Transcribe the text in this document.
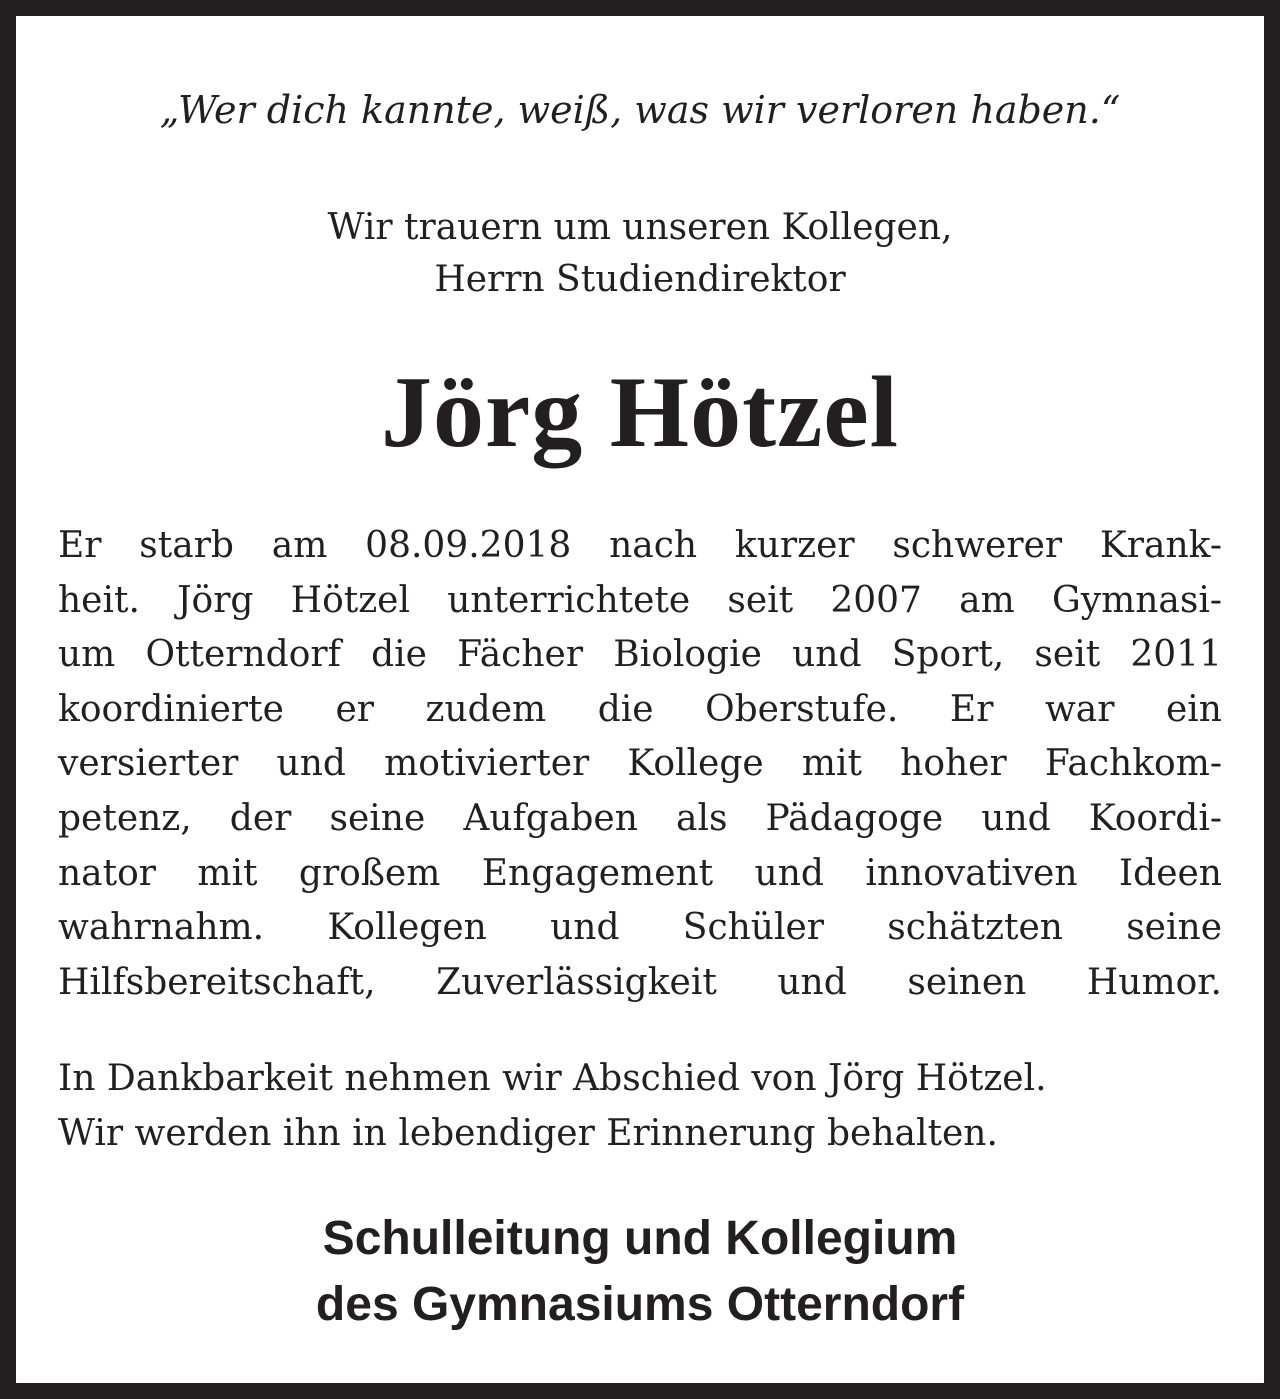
„Wer dich kannte, weiß, was wir verloren haben.“
Wir trauern um unseren Kollegen,
Herrn Studiendirektor
Jörg Hötzel
Er starb am 08.09.2018 nach kurzer schwerer Krank-
heit. Jörg Hötzel unterrichtete seit 2007 am Gymnasi-
um Otterndorf die Fächer Biologie und Sport, seit 2011
koordinierte er zudem die Oberstufe. Er war ein
versierter und motivierter Kollege mit hoher Fachkom-
petenz, der seine Aufgaben als Pädagoge und Koordi-
nator mit großem Engagement und innovativen Ideen
wahrnahm. Kollegen und Schüler schätzten seine
Hilfsbereitschaft, Zuverlässigkeit und seinen Humor.
In Dankbarkeit nehmen wir Abschied von Jörg Hötzel.
Wir werden ihn in lebendiger Erinnerung behalten.
Schulleitung und Kollegium
des Gymnasiums Otterndorf
